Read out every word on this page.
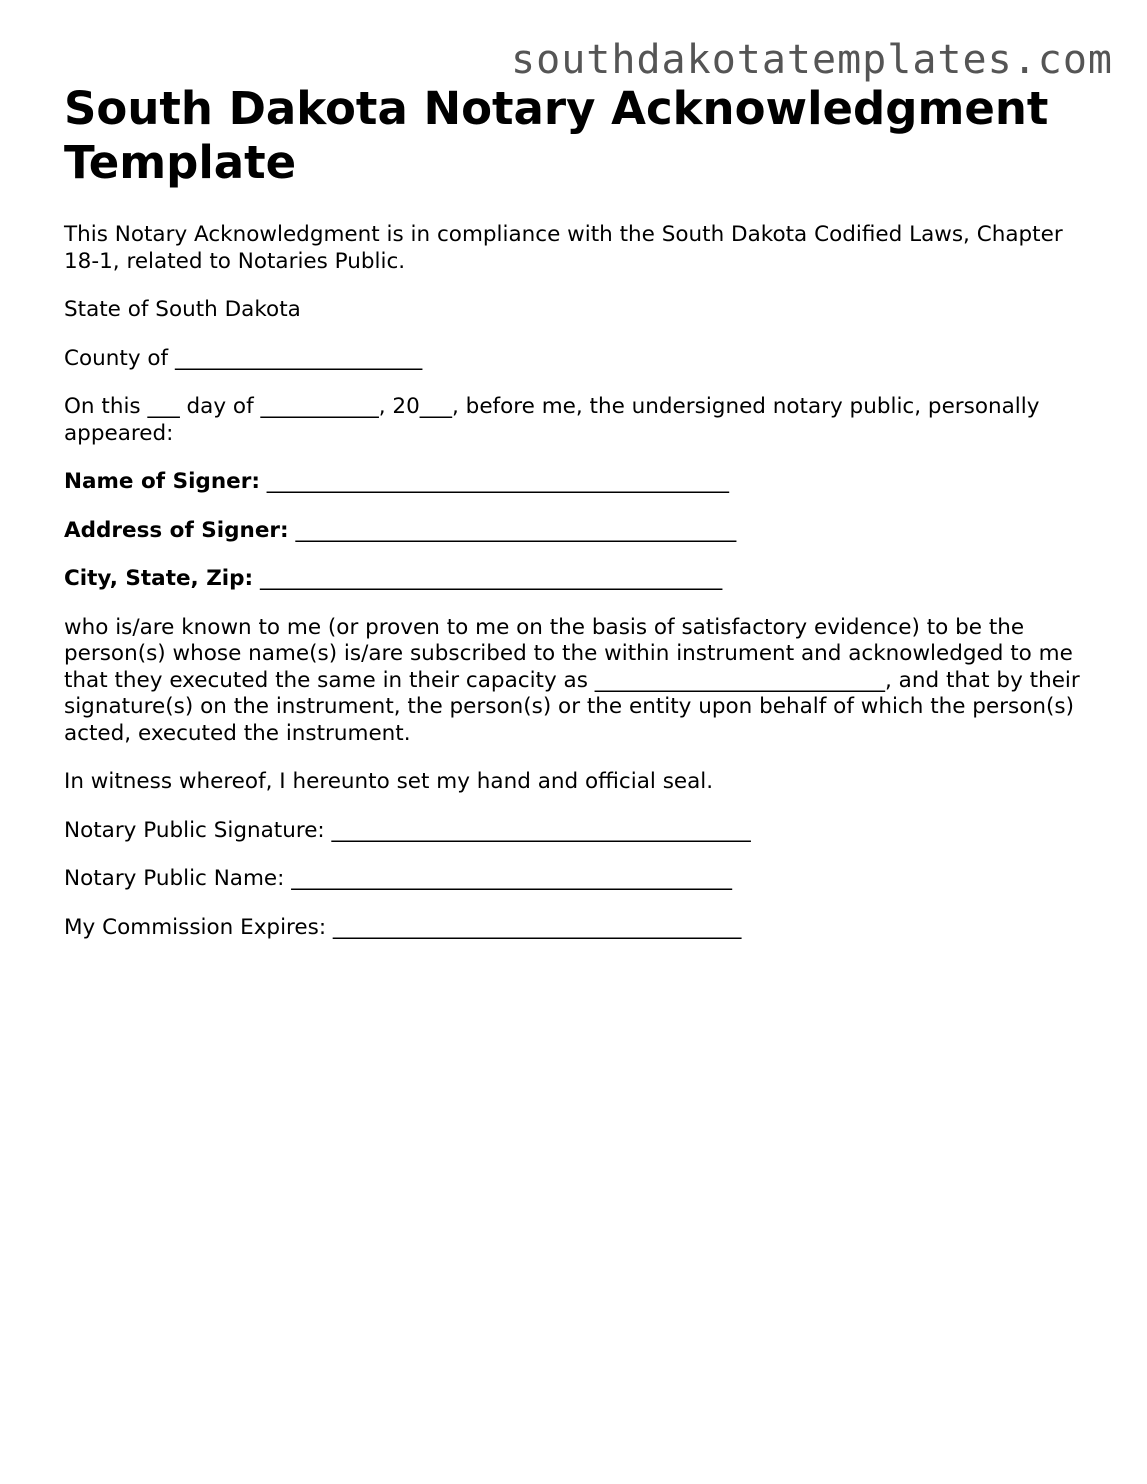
southdakotatemplates.com
South Dakota Notary Acknowledgment Template

This Notary Acknowledgment is in compliance with the South Dakota Codified Laws, Chapter 18-1, related to Notaries Public.

State of South Dakota

County of _______________________

On this ___ day of ___________, 20___, before me, the undersigned notary public, personally appeared:

Name of Signer: ___________________________________________

Address of Signer: _________________________________________

City, State, Zip: ___________________________________________

who is/are known to me (or proven to me on the basis of satisfactory evidence) to be the person(s) whose name(s) is/are subscribed to the within instrument and acknowledged to me that they executed the same in their capacity as ___________________________, and that by their signature(s) on the instrument, the person(s) or the entity upon behalf of which the person(s) acted, executed the instrument.

In witness whereof, I hereunto set my hand and official seal.

Notary Public Signature: _______________________________________

Notary Public Name: _________________________________________

My Commission Expires: ______________________________________
